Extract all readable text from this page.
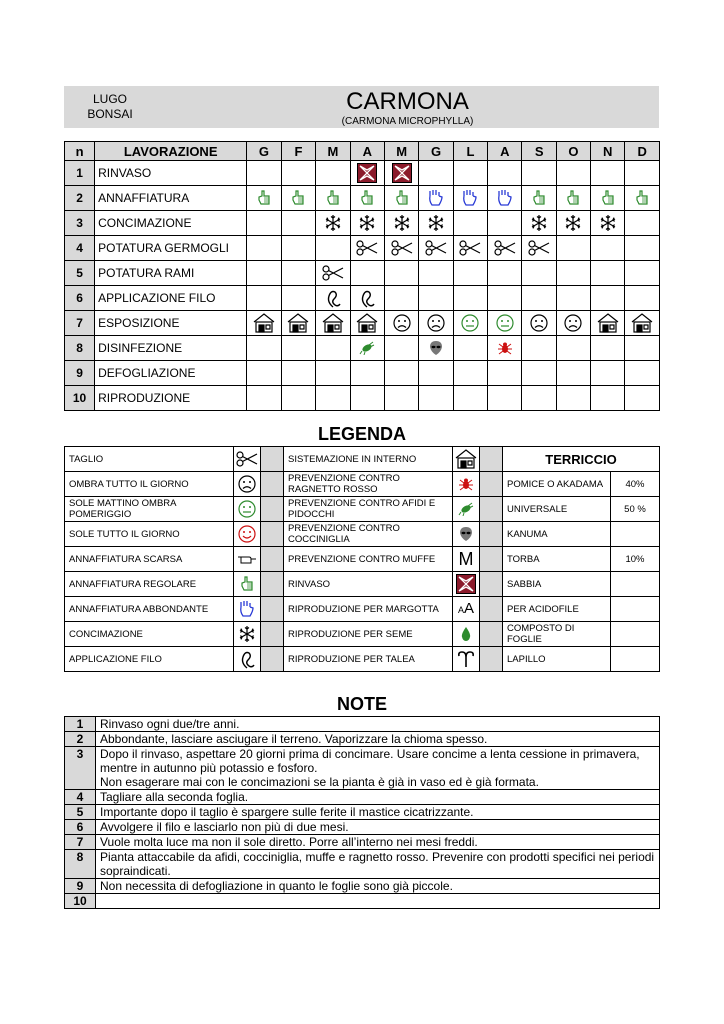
LUGO
BONSAI	CARMONA
(CARMONA MICROPHYLLA)
n	LAVORAZIONE	G	F	M	A	M	G	L	A	S	O	N	D
1	RINVASO												
2	ANNAFFIATURA												
3	CONCIMAZIONE												
4	POTATURA GERMOGLI												
5	POTATURA RAMI												
6	APPLICAZIONE FILO												
7	ESPOSIZIONE												
8	DISINFEZIONE												
9	DEFOGLIAZIONE												
10	RIPRODUZIONE												
LEGENDA
TAGLIO			SISTEMAZIONE IN INTERNO			TERRICCIO	
OMBRA TUTTO IL GIORNO			PREVENZIONE CONTRO RAGNETTO ROSSO			POMICE O AKADAMA	40%
SOLE MATTINO OMBRA POMERIGGIO			PREVENZIONE CONTRO AFIDI E PIDOCCHI			UNIVERSALE	50 %
SOLE TUTTO IL GIORNO			PREVENZIONE CONTRO COCCINIGLIA			KANUMA	
ANNAFFIATURA SCARSA			PREVENZIONE CONTRO MUFFE	M		TORBA	10%
ANNAFFIATURA REGOLARE			RINVASO			SABBIA	
ANNAFFIATURA ABBONDANTE			RIPRODUZIONE PER MARGOTTA	AA		PER ACIDOFILE	
CONCIMAZIONE			RIPRODUZIONE PER SEME			COMPOSTO DI FOGLIE	
APPLICAZIONE FILO			RIPRODUZIONE PER TALEA			LAPILLO	
NOTE
1	Rinvaso ogni due/tre anni.
2	Abbondante, lasciare asciugare il terreno. Vaporizzare la chioma spesso.
3	Dopo il rinvaso, aspettare 20 giorni prima di concimare. Usare concime a lenta cessione in primavera, mentre in autunno più potassio e fosforo.
Non esagerare mai con le concimazioni se la pianta è già in vaso ed è già formata.
4	Tagliare alla seconda foglia.
5	Importante dopo il taglio è spargere sulle ferite il mastice cicatrizzante.
6	Avvolgere il filo e lasciarlo non più di due mesi.
7	Vuole molta luce ma non il sole diretto. Porre all’interno nei mesi freddi.
8	Pianta attaccabile da afidi, cocciniglia, muffe e ragnetto rosso. Prevenire con prodotti specifici nei periodi sopraindicati.
9	Non necessita di defogliazione in quanto le foglie sono già piccole.
10	
